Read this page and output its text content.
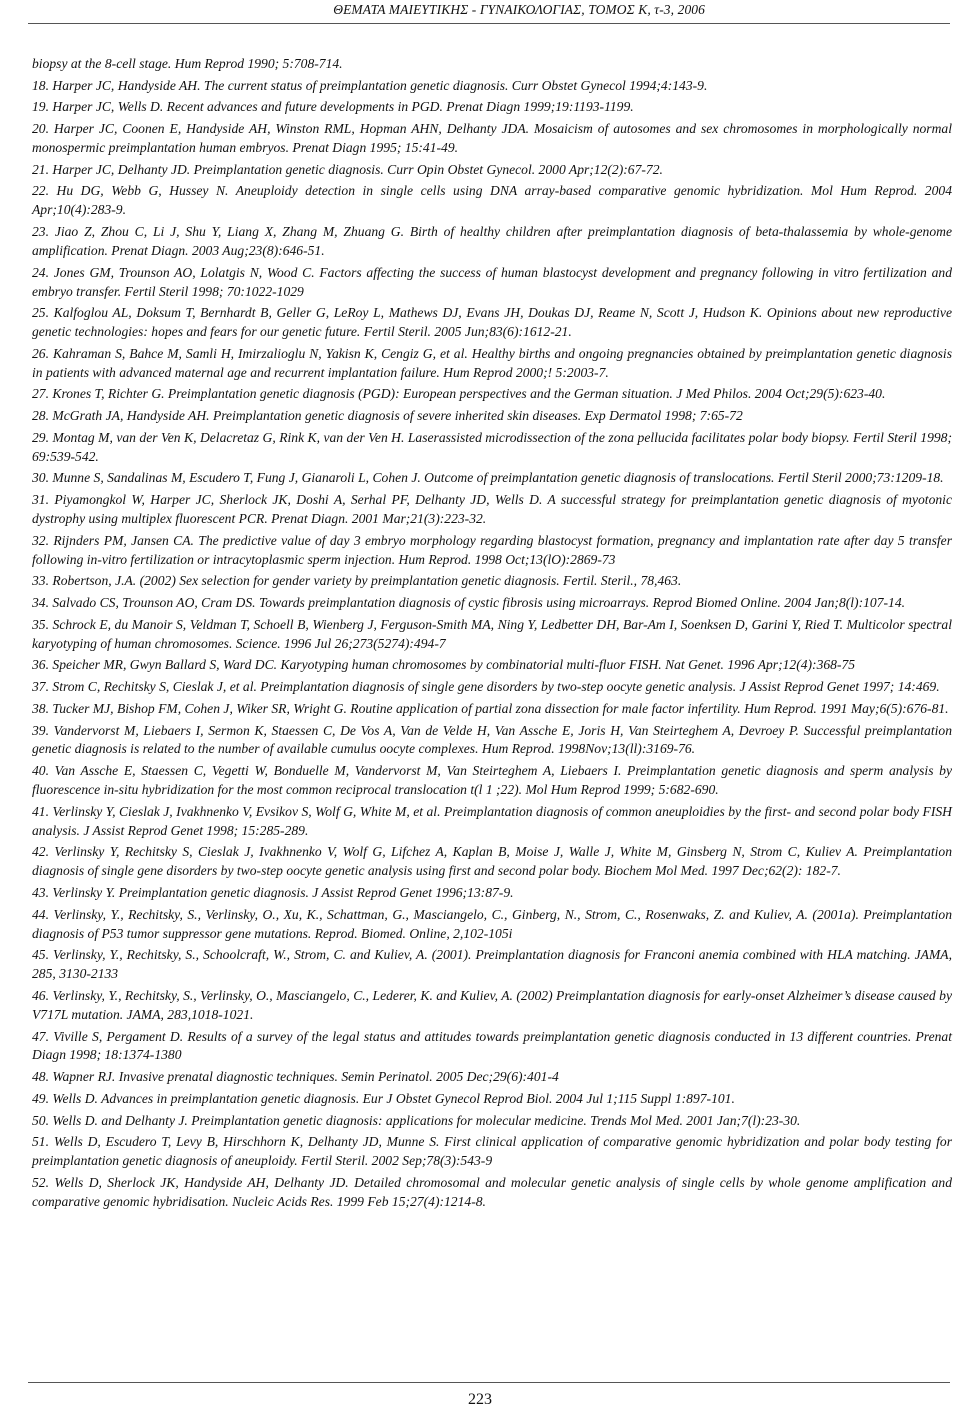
ΘΕΜΑΤΑ ΜΑΙΕΥΤΙΚΗΣ - ΓΥΝΑΙΚΟΛΟΓΙΑΣ, ΤΟΜΟΣ Κ, τ-3, 2006

biopsy at the 8-cell stage. Hum Reprod 1990; 5:708-714.

18. Harper JC, Handyside AH. The current status of preimplantation genetic diagnosis. Curr Obstet Gynecol 1994;4:143-9.

19. Harper JC, Wells D. Recent advances and future developments in PGD. Prenat Diagn 1999;19:1193-1199.

20. Harper JC, Coonen E, Handyside AH, Winston RML, Hopman AHN, Delhanty JDA. Mosaicism of autosomes and sex chromosomes in morphologically normal monospermic preimplantation human embryos. Prenat Diagn 1995; 15:41-49.

21. Harper JC, Delhanty JD. Preimplantation genetic diagnosis. Curr Opin Obstet Gynecol. 2000 Apr;12(2):67-72.

22. Hu DG, Webb G, Hussey N. Aneuploidy detection in single cells using DNA array-based comparative genomic hybridization. Mol Hum Reprod. 2004 Apr;10(4):283-9.

23. Jiao Z, Zhou C, Li J, Shu Y, Liang X, Zhang M, Zhuang G. Birth of healthy children after preimplantation diagnosis of beta-thalassemia by whole-genome amplification. Prenat Diagn. 2003 Aug;23(8):646-51.

24. Jones GM, Trounson AO, Lolatgis N, Wood C. Factors affecting the success of human blastocyst development and pregnancy following in vitro fertilization and embryo transfer. Fertil Steril 1998; 70:1022-1029

25. Kalfoglou AL, Doksum T, Bernhardt B, Geller G, LeRoy L, Mathews DJ, Evans JH, Doukas DJ, Reame N, Scott J, Hudson K. Opinions about new reproductive genetic technologies: hopes and fears for our genetic future. Fertil Steril. 2005 Jun;83(6):1612-21.

26. Kahraman S, Bahce M, Samli H, Imirzalioglu N, Yakisn K, Cengiz G, et al. Healthy births and ongoing pregnancies obtained by preimplantation genetic diagnosis in patients with advanced maternal age and recurrent implantation failure. Hum Reprod 2000;! 5:2003-7.

27. Krones T, Richter G. Preimplantation genetic diagnosis (PGD): European perspectives and the German situation. J Med Philos. 2004 Oct;29(5):623-40.

28. McGrath JA, Handyside AH. Preimplantation genetic diagnosis of severe inherited skin diseases. Exp Dermatol 1998; 7:65-72

29. Montag M, van der Ven K, Delacretaz G, Rink K, van der Ven H. Laserassisted microdissection of the zona pellucida facilitates polar body biopsy. Fertil Steril 1998; 69:539-542.

30. Munne S, Sandalinas M, Escudero T, Fung J, Gianaroli L, Cohen J. Outcome of preimplantation genetic diagnosis of translocations. Fertil Steril 2000;73:1209-18.

31. Piyamongkol W, Harper JC, Sherlock JK, Doshi A, Serhal PF, Delhanty JD, Wells D. A successful strategy for preimplantation genetic diagnosis of myotonic dystrophy using multiplex fluorescent PCR. Prenat Diagn. 2001 Mar;21(3):223-32.

32. Rijnders PM, Jansen CA. The predictive value of day 3 embryo morphology regarding blastocyst formation, pregnancy and implantation rate after day 5 transfer following in-vitro fertilization or intracytoplasmic sperm injection. Hum Reprod. 1998 Oct;13(lO):2869-73

33. Robertson, J.A. (2002) Sex selection for gender variety by preimplantation genetic diagnosis. Fertil. Steril., 78,463.

34. Salvado CS, Trounson AO, Cram DS. Towards preimplantation diagnosis of cystic fibrosis using microarrays. Reprod Biomed Online. 2004 Jan;8(l):107-14.

35. Schrock E, du Manoir S, Veldman T, Schoell B, Wienberg J, Ferguson-Smith MA, Ning Y, Ledbetter DH, Bar-Am I, Soenksen D, Garini Y, Ried T. Multicolor spectral karyotyping of human chromosomes. Science. 1996 Jul 26;273(5274):494-7

36. Speicher MR, Gwyn Ballard S, Ward DC. Karyotyping human chromosomes by combinatorial multi-fluor FISH. Nat Genet. 1996 Apr;12(4):368-75

37. Strom C, Rechitsky S, Cieslak J, et al. Preimplantation diagnosis of single gene disorders by two-step oocyte genetic analysis. J Assist Reprod Genet 1997; 14:469.

38. Tucker MJ, Bishop FM, Cohen J, Wiker SR, Wright G. Routine application of partial zona dissection for male factor infertility. Hum Reprod. 1991 May;6(5):676-81.

39. Vandervorst M, Liebaers I, Sermon K, Staessen C, De Vos A, Van de Velde H, Van Assche E, Joris H, Van Steirteghem A, Devroey P. Successful preimplantation genetic diagnosis is related to the number of available cumulus oocyte complexes. Hum Reprod. 1998Nov;13(ll):3169-76.

40. Van Assche E, Staessen C, Vegetti W, Bonduelle M, Vandervorst M, Van Steirteghem A, Liebaers I. Preimplantation genetic diagnosis and sperm analysis by fluorescence in-situ hybridization for the most common reciprocal translocation t(l 1 ;22). Mol Hum Reprod 1999; 5:682-690.

41. Verlinsky Y, Cieslak J, Ivakhnenko V, Evsikov S, Wolf G, White M, et al. Preimplantation diagnosis of common aneuploidies by the first- and second polar body FISH analysis. J Assist Reprod Genet 1998; 15:285-289.

42. Verlinsky Y, Rechitsky S, Cieslak J, Ivakhnenko V, Wolf G, Lifchez A, Kaplan B, Moise J, Walle J, White M, Ginsberg N, Strom C, Kuliev A. Preimplantation diagnosis of single gene disorders by two-step oocyte genetic analysis using first and second polar body. Biochem Mol Med. 1997 Dec;62(2): 182-7.

43. Verlinsky Y. Preimplantation genetic diagnosis. J Assist Reprod Genet 1996;13:87-9.

44. Verlinsky, Y., Rechitsky, S., Verlinsky, O., Xu, K., Schattman, G., Masciangelo, C., Ginberg, N., Strom, C., Rosenwaks, Z. and Kuliev, A. (2001a). Preimplantation diagnosis of P53 tumor suppressor gene mutations. Reprod. Biomed. Online, 2,102-105i

45. Verlinsky, Y., Rechitsky, S., Schoolcraft, W., Strom, C. and Kuliev, A. (2001). Preimplantation diagnosis for Franconi anemia combined with HLA matching. JAMA, 285, 3130-2133

46. Verlinsky, Y., Rechitsky, S., Verlinsky, O., Masciangelo, C., Lederer, K. and Kuliev, A. (2002) Preimplantation diagnosis for early-onset Alzheimer’s disease caused by V717L mutation. JAMA, 283,1018-1021.

47. Viville S, Pergament D. Results of a survey of the legal status and attitudes towards preimplantation genetic diagnosis conducted in 13 different countries. Prenat Diagn 1998; 18:1374-1380

48. Wapner RJ. Invasive prenatal diagnostic techniques. Semin Perinatol. 2005 Dec;29(6):401-4

49. Wells D. Advances in preimplantation genetic diagnosis. Eur J Obstet Gynecol Reprod Biol. 2004 Jul 1;115 Suppl 1:897-101.

50. Wells D. and Delhanty J. Preimplantation genetic diagnosis: applications for molecular medicine. Trends Mol Med. 2001 Jan;7(l):23-30.

51. Wells D, Escudero T, Levy B, Hirschhorn K, Delhanty JD, Munne S. First clinical application of comparative genomic hybridization and polar body testing for preimplantation genetic diagnosis of aneuploidy. Fertil Steril. 2002 Sep;78(3):543-9

52. Wells D, Sherlock JK, Handyside AH, Delhanty JD. Detailed chromosomal and molecular genetic analysis of single cells by whole genome amplification and comparative genomic hybridisation. Nucleic Acids Res. 1999 Feb 15;27(4):1214-8.

223
